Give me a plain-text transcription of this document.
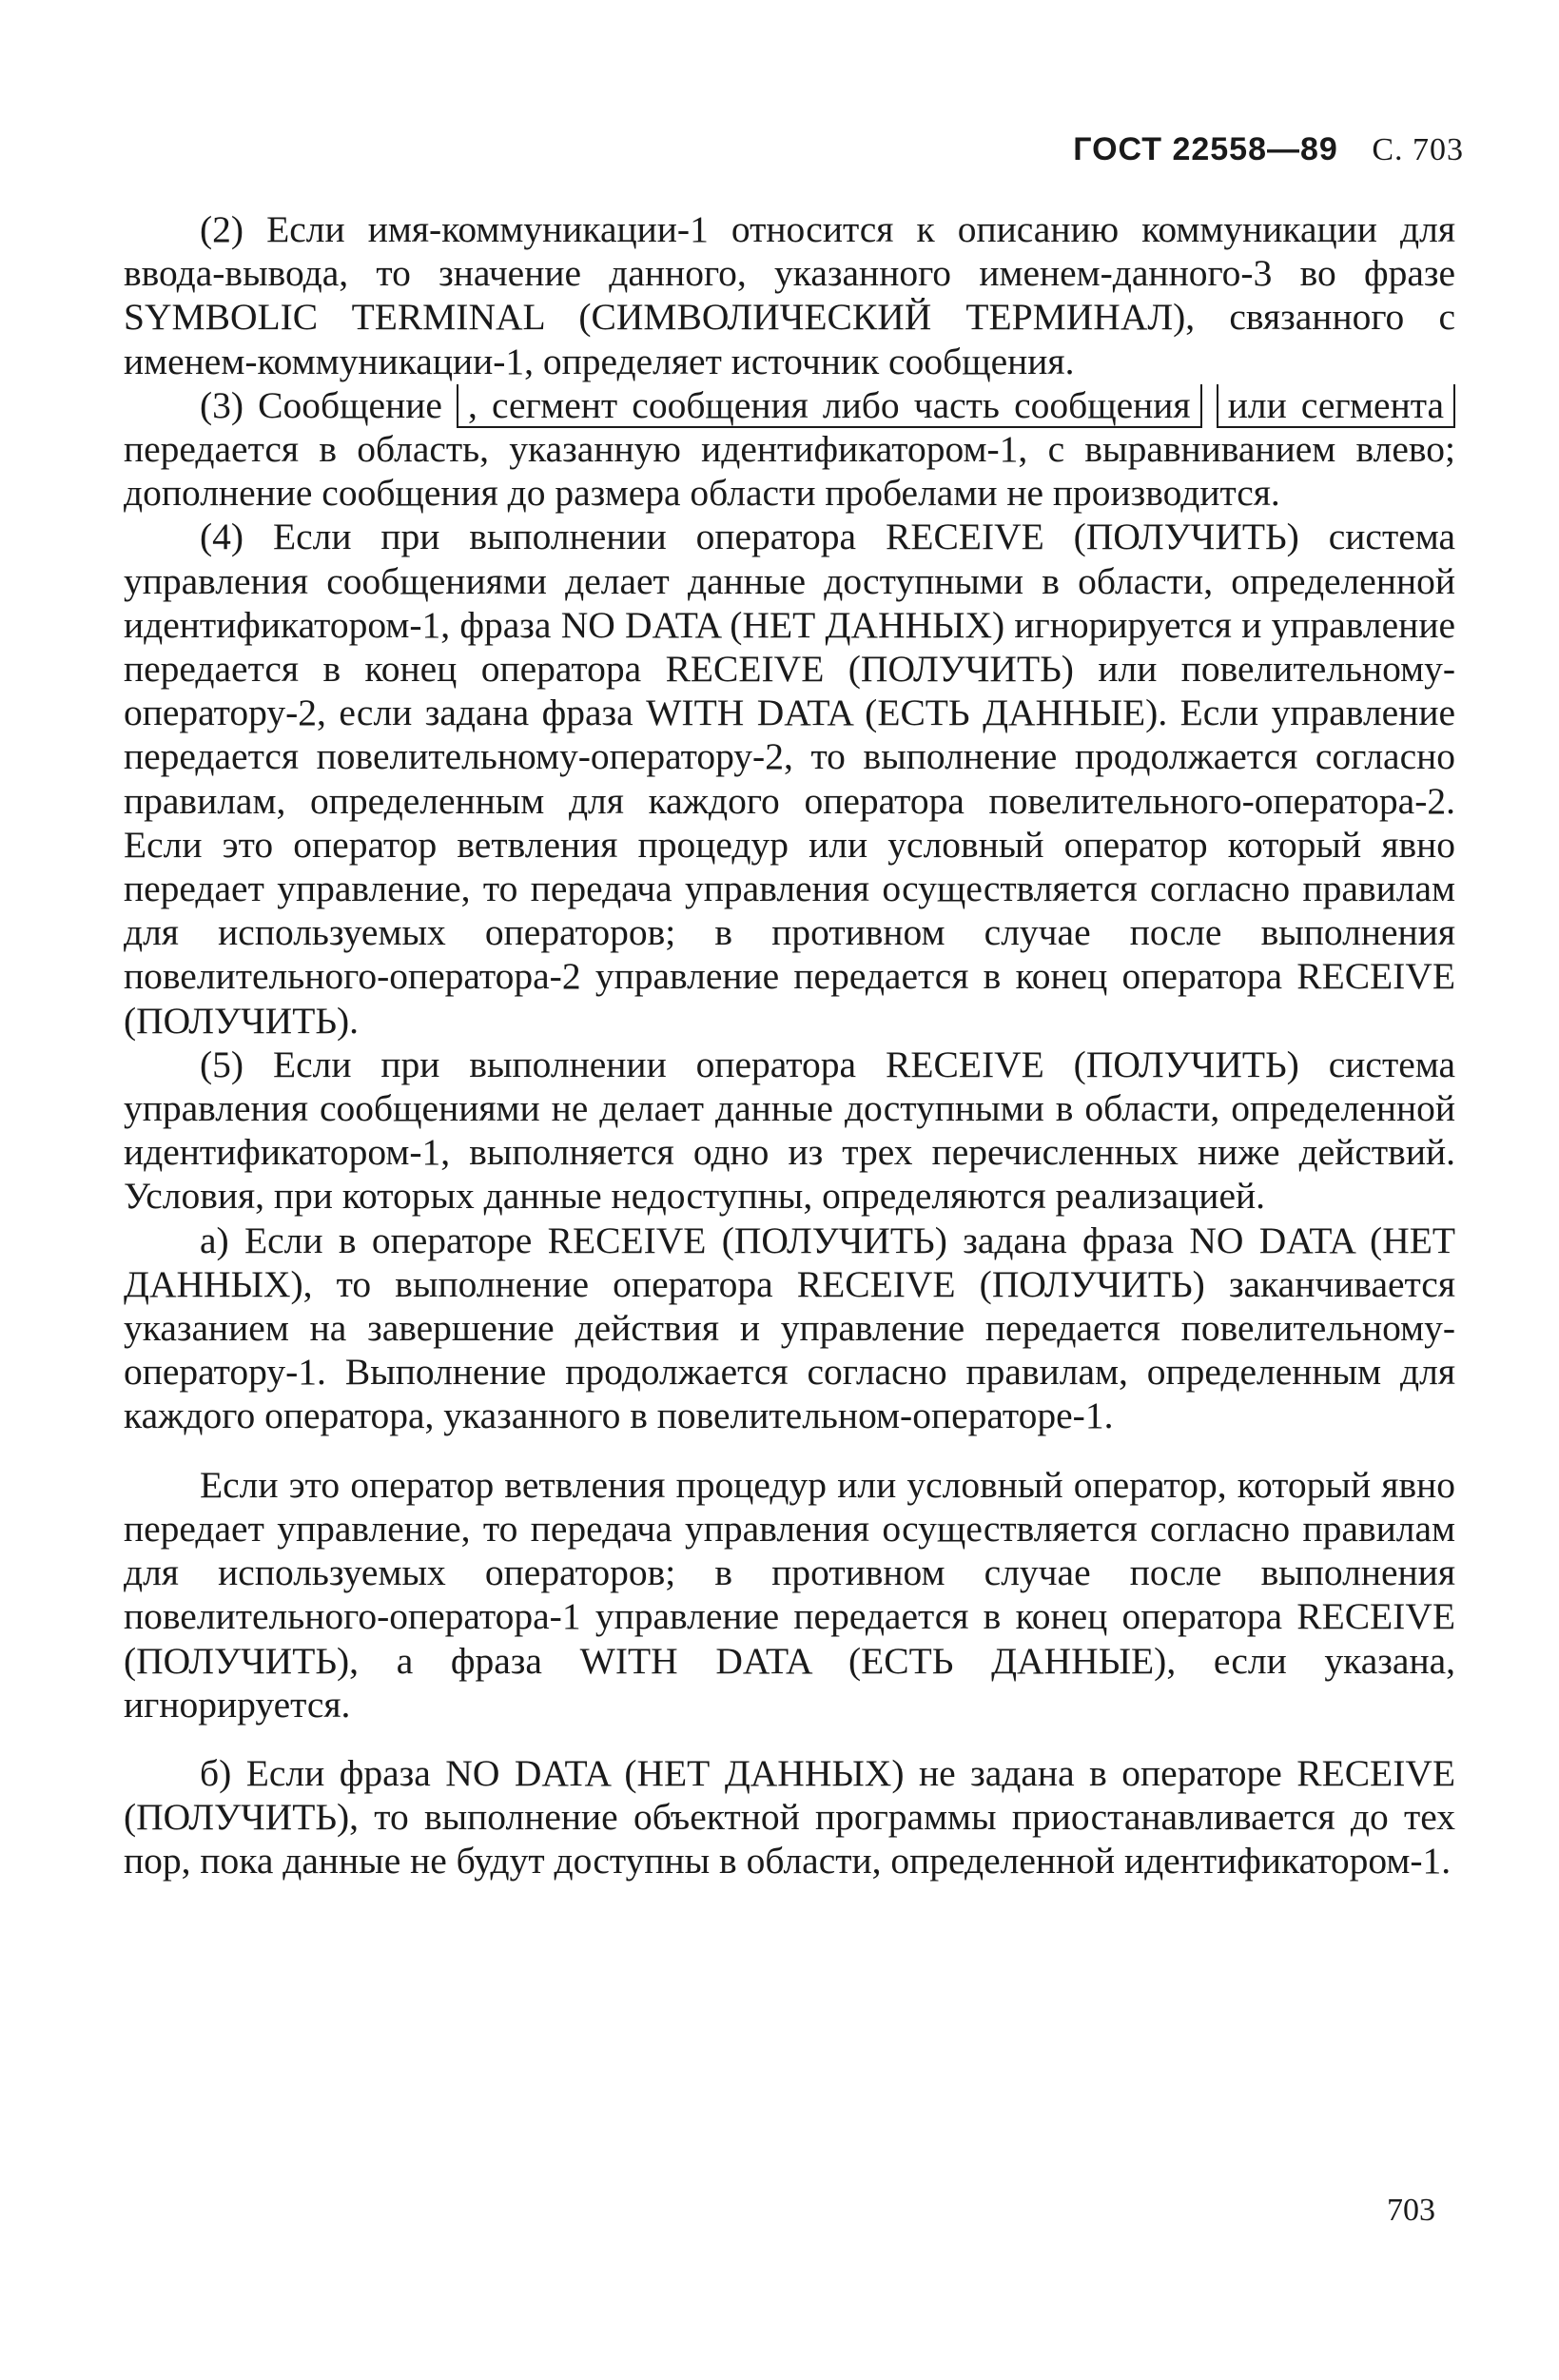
ГОСТ 22558—89 С. 703

(2) Если имя-коммуникации-1 относится к описанию коммуникации для ввода-вывода, то значение данного, указанного именем-данного-3 во фразе SYMBOLIC TERMINAL (СИМВОЛИЧЕСКИЙ ТЕРМИНАЛ), связанного с именем-коммуникации-1, определяет источник сообщения.

(3) Сообщение , сегмент сообщения либо часть сообщения или сегмента передается в область, указанную идентификатором-1, с выравниванием влево; дополнение сообщения до размера области пробелами не производится.

(4) Если при выполнении оператора RECEIVE (ПОЛУЧИТЬ) система управления сообщениями делает данные доступными в области, определенной идентификатором-1, фраза NO DATA (НЕТ ДАННЫХ) игнорируется и управление передается в конец оператора RECEIVE (ПОЛУЧИТЬ) или повелительному-оператору-2, если задана фраза WITH DATA (ЕСТЬ ДАННЫЕ). Если управление передается повелительному-оператору-2, то выполнение продолжается согласно правилам, определенным для каждого оператора повелительного-оператора-2. Если это оператор ветвления процедур или условный оператор который явно передает управление, то передача управления осуществляется согласно правилам для используемых операторов; в противном случае после выполнения повелительного-оператора-2 управление передается в конец оператора RECEIVE (ПОЛУЧИТЬ).

(5) Если при выполнении оператора RECEIVE (ПОЛУЧИТЬ) система управления сообщениями не делает данные доступными в области, определенной идентификатором-1, выполняется одно из трех перечисленных ниже действий. Условия, при которых данные недоступны, определяются реализацией.

а) Если в операторе RECEIVE (ПОЛУЧИТЬ) задана фраза NO DATA (НЕТ ДАННЫХ), то выполнение оператора RECEIVE (ПОЛУЧИТЬ) заканчивается указанием на завершение действия и управление передается повелительному-оператору-1. Выполнение продолжается согласно правилам, определенным для каждого оператора, указанного в повелительном-операторе-1.

Если это оператор ветвления процедур или условный оператор, который явно передает управление, то передача управления осуществляется согласно правилам для используемых операторов; в противном случае после выполнения повелительного-оператора-1 управление передается в конец оператора RECEIVE (ПОЛУЧИТЬ), а фраза WITH DATA (ЕСТЬ ДАННЫЕ), если указана, игнорируется.

б) Если фраза NO DATA (НЕТ ДАННЫХ) не задана в операторе RECEIVE (ПОЛУЧИТЬ), то выполнение объектной программы приостанавливается до тех пор, пока данные не будут доступны в области, определенной идентификатором-1.

703
